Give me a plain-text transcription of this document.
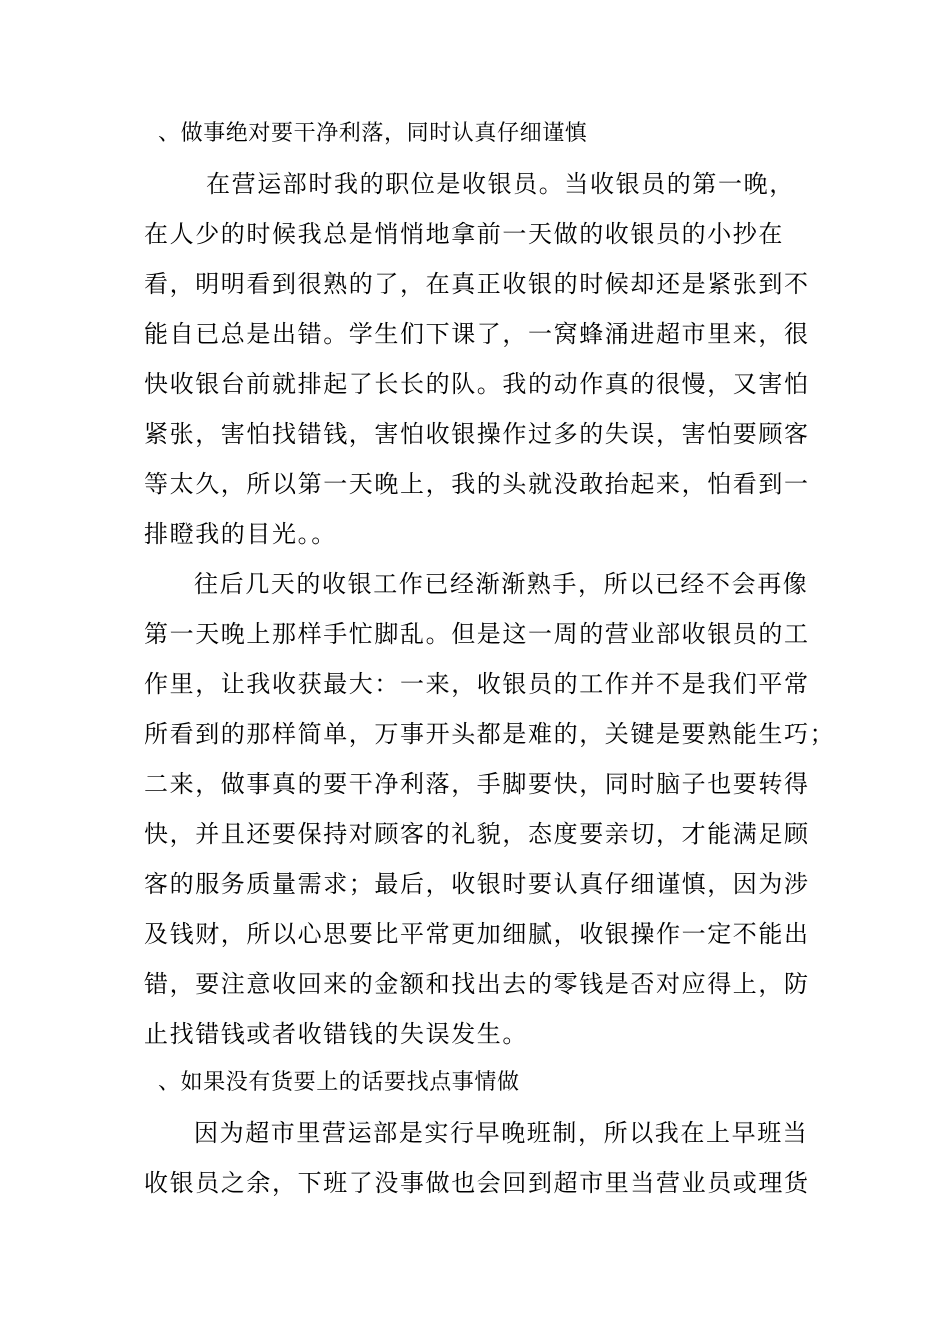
、做事绝对要干净利落，同时认真仔细谨慎
在营运部时我的职位是收银员。当收银员的第一晚，
在人少的时候我总是悄悄地拿前一天做的收银员的小抄在
看，明明看到很熟的了，在真正收银的时候却还是紧张到不
能自已总是出错。学生们下课了，一窝蜂涌进超市里来，很
快收银台前就排起了长长的队。我的动作真的很慢，又害怕
紧张，害怕找错钱，害怕收银操作过多的失误，害怕要顾客
等太久，所以第一天晚上，我的头就没敢抬起来，怕看到一
排瞪我的目光。。
往后几天的收银工作已经渐渐熟手，所以已经不会再像
第一天晚上那样手忙脚乱。但是这一周的营业部收银员的工
作里，让我收获最大：一来，收银员的工作并不是我们平常
所看到的那样简单，万事开头都是难的，关键是要熟能生巧；
二来，做事真的要干净利落，手脚要快，同时脑子也要转得
快，并且还要保持对顾客的礼貌，态度要亲切，才能满足顾
客的服务质量需求；最后，收银时要认真仔细谨慎，因为涉
及钱财，所以心思要比平常更加细腻，收银操作一定不能出
错，要注意收回来的金额和找出去的零钱是否对应得上，防
止找错钱或者收错钱的失误发生。
、如果没有货要上的话要找点事情做
因为超市里营运部是实行早晚班制，所以我在上早班当
收银员之余，下班了没事做也会回到超市里当营业员或理货
